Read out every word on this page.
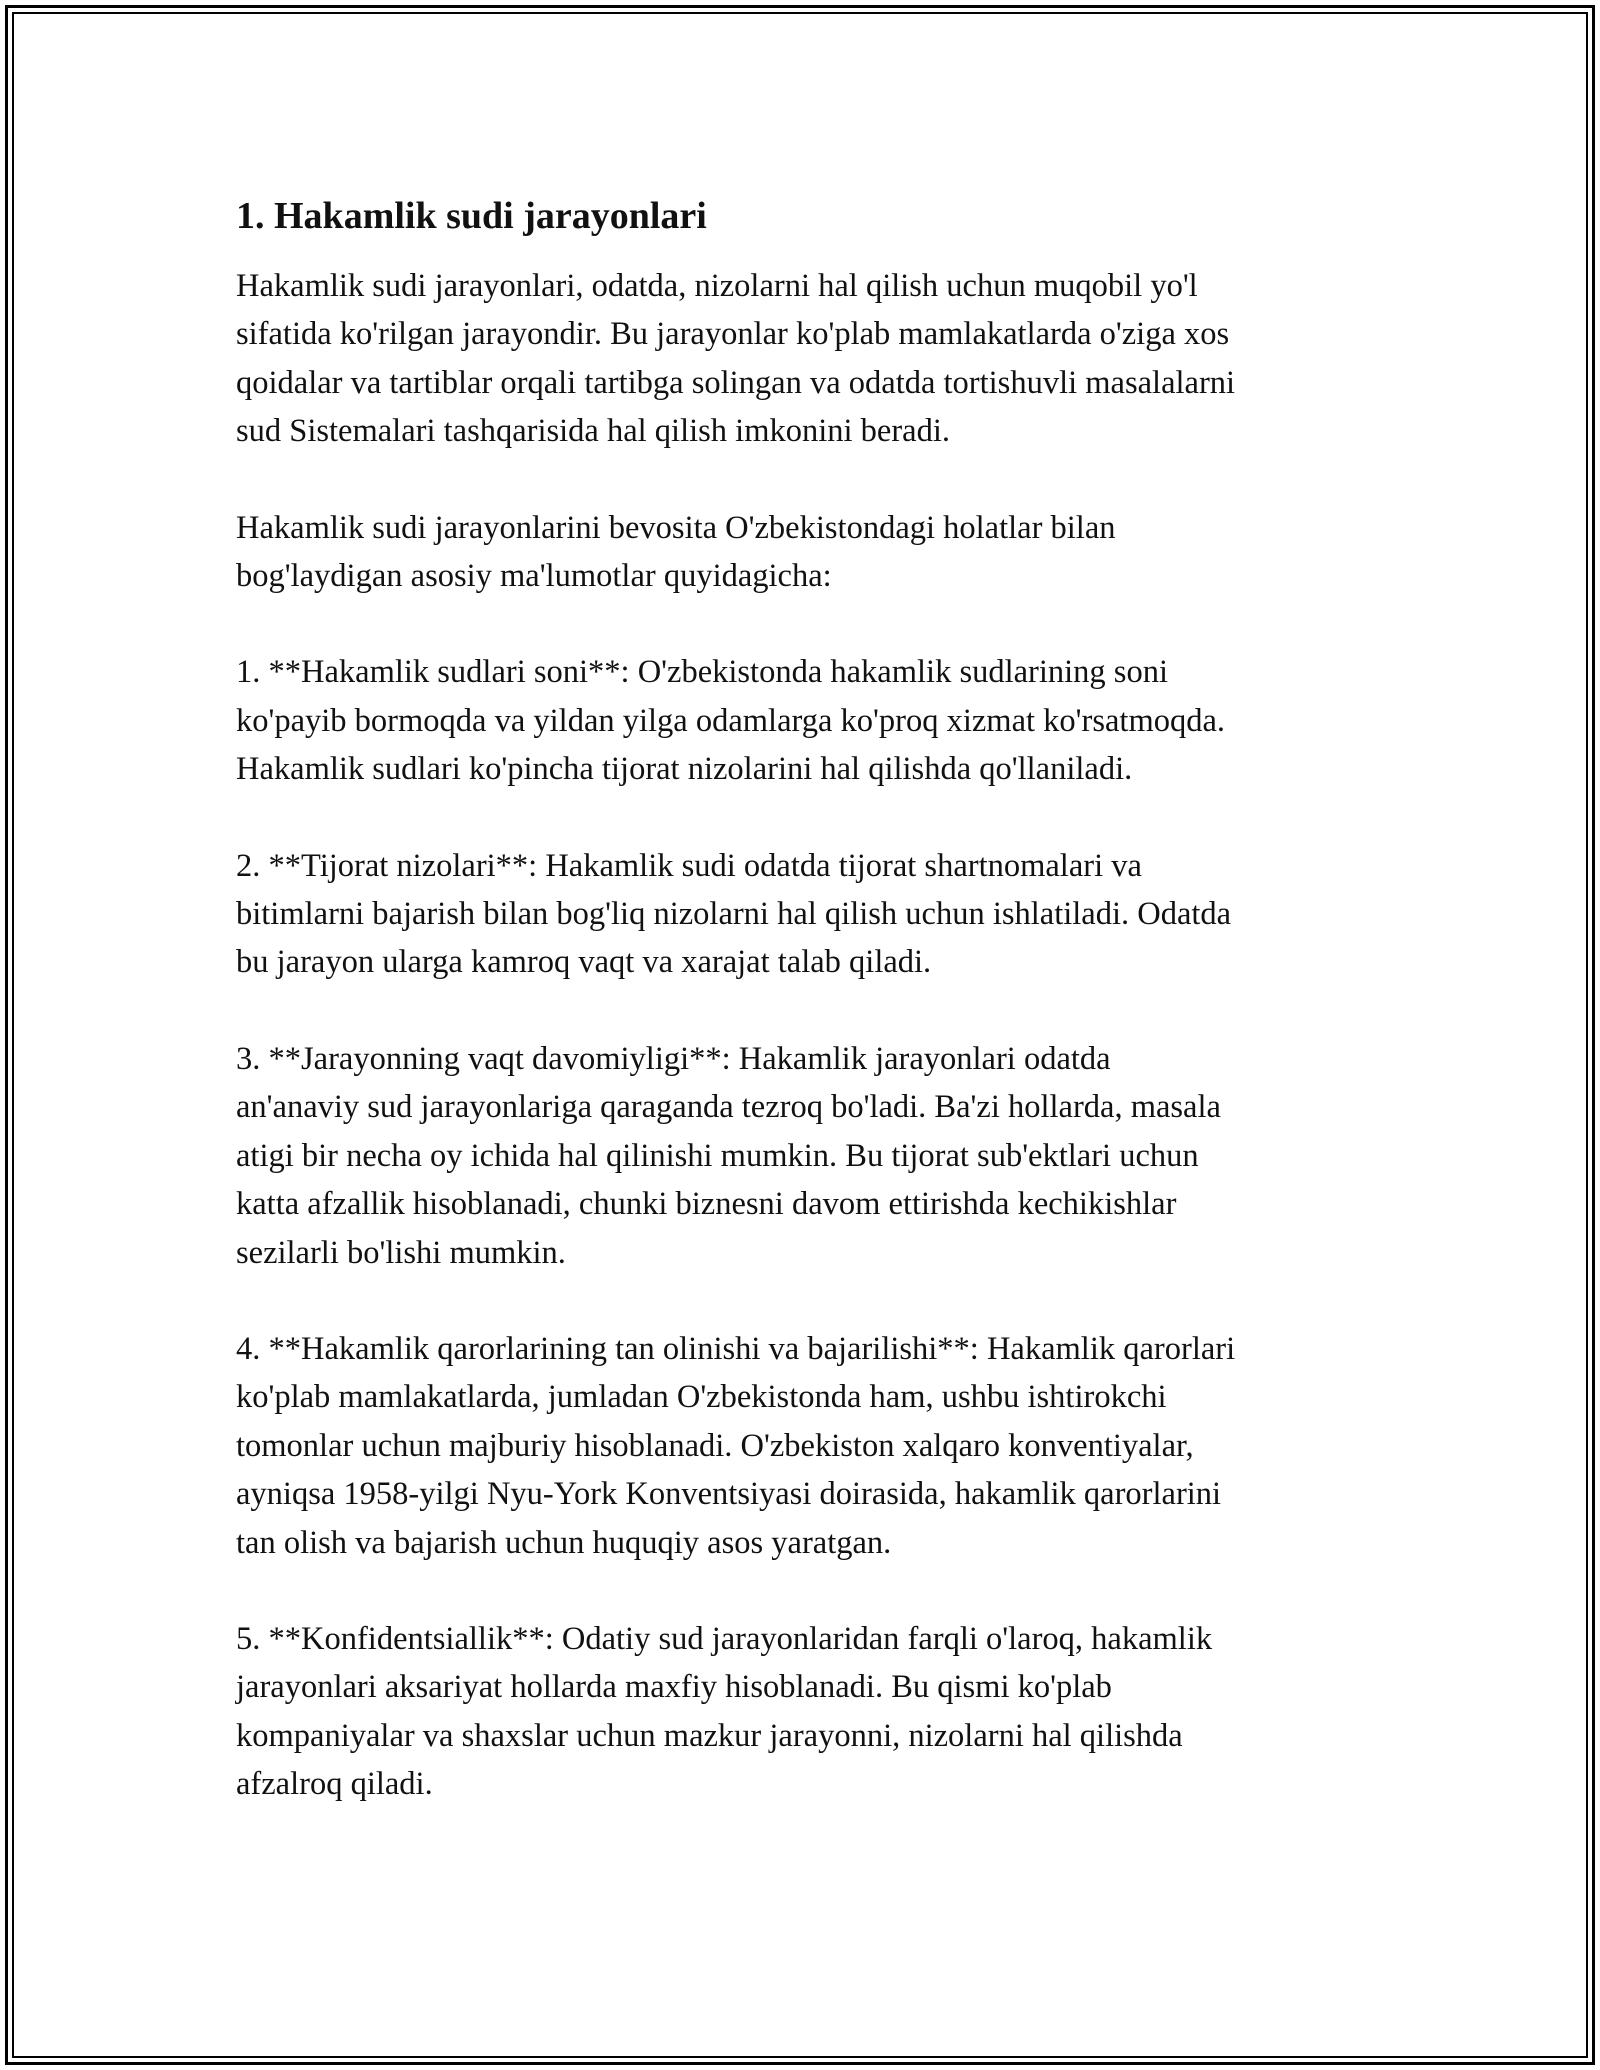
1. Hakamlik sudi jarayonlari

Hakamlik sudi jarayonlari, odatda, nizolarni hal qilish uchun muqobil yo'l
sifatida ko'rilgan jarayondir. Bu jarayonlar ko'plab mamlakatlarda o'ziga xos
qoidalar va tartiblar orqali tartibga solingan va odatda tortishuvli masalalarni
sud Sistemalari tashqarisida hal qilish imkonini beradi.

Hakamlik sudi jarayonlarini bevosita O'zbekistondagi holatlar bilan
bog'laydigan asosiy ma'lumotlar quyidagicha:

1. **Hakamlik sudlari soni**: O'zbekistonda hakamlik sudlarining soni
ko'payib bormoqda va yildan yilga odamlarga ko'proq xizmat ko'rsatmoqda.
Hakamlik sudlari ko'pincha tijorat nizolarini hal qilishda qo'llaniladi.

2. **Tijorat nizolari**: Hakamlik sudi odatda tijorat shartnomalari va
bitimlarni bajarish bilan bog'liq nizolarni hal qilish uchun ishlatiladi. Odatda
bu jarayon ularga kamroq vaqt va xarajat talab qiladi.

3. **Jarayonning vaqt davomiyligi**: Hakamlik jarayonlari odatda
an'anaviy sud jarayonlariga qaraganda tezroq bo'ladi. Ba'zi hollarda, masala
atigi bir necha oy ichida hal qilinishi mumkin. Bu tijorat sub'ektlari uchun
katta afzallik hisoblanadi, chunki biznesni davom ettirishda kechikishlar
sezilarli bo'lishi mumkin.

4. **Hakamlik qarorlarining tan olinishi va bajarilishi**: Hakamlik qarorlari
ko'plab mamlakatlarda, jumladan O'zbekistonda ham, ushbu ishtirokchi
tomonlar uchun majburiy hisoblanadi. O'zbekiston xalqaro konventiyalar,
ayniqsa 1958-yilgi Nyu-York Konventsiyasi doirasida, hakamlik qarorlarini
tan olish va bajarish uchun huquqiy asos yaratgan.

5. **Konfidentsiallik**: Odatiy sud jarayonlaridan farqli o'laroq, hakamlik
jarayonlari aksariyat hollarda maxfiy hisoblanadi. Bu qismi ko'plab
kompaniyalar va shaxslar uchun mazkur jarayonni, nizolarni hal qilishda
afzalroq qiladi.
